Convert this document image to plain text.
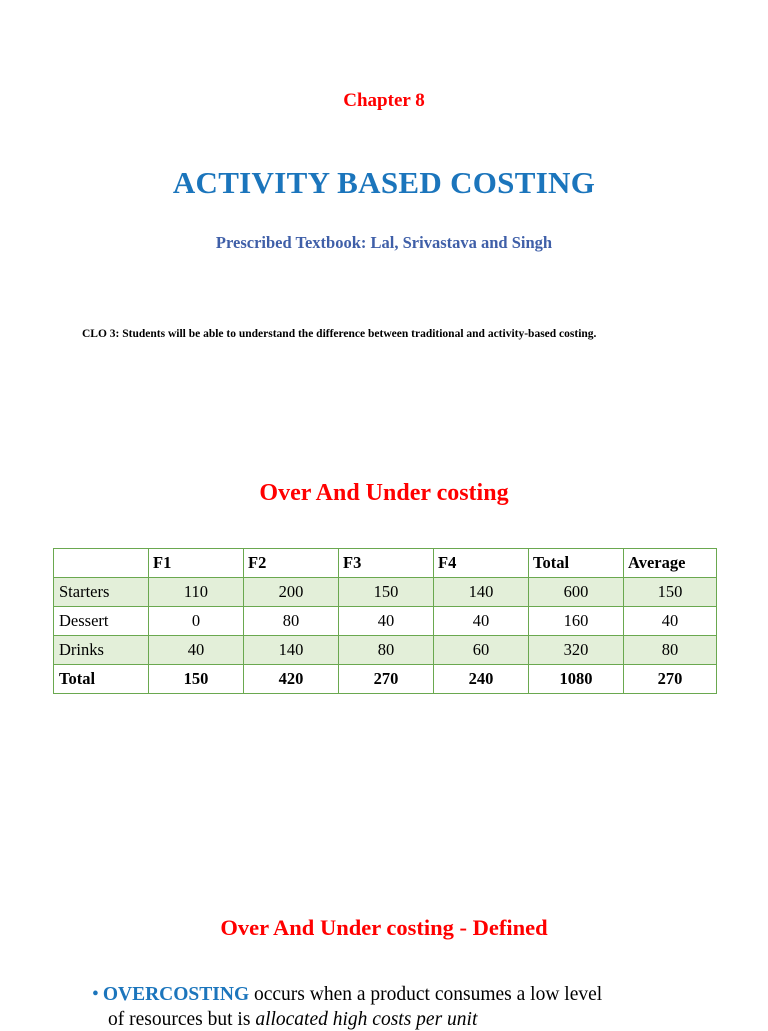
Chapter 8
ACTIVITY BASED COSTING
Prescribed Textbook: Lal, Srivastava and Singh
CLO 3: Students will be able to understand the difference between traditional and activity-based costing.
Over And Under costing
	F1	F2	F3	F4	Total	Average
Starters	110	200	150	140	600	150
Dessert	0	80	40	40	160	40
Drinks	40	140	80	60	320	80
Total	150	420	270	240	1080	270
Over And Under costing - Defined
• OVERCOSTING occurs when a product consumes a low level
of resources but is allocated high costs per unit
